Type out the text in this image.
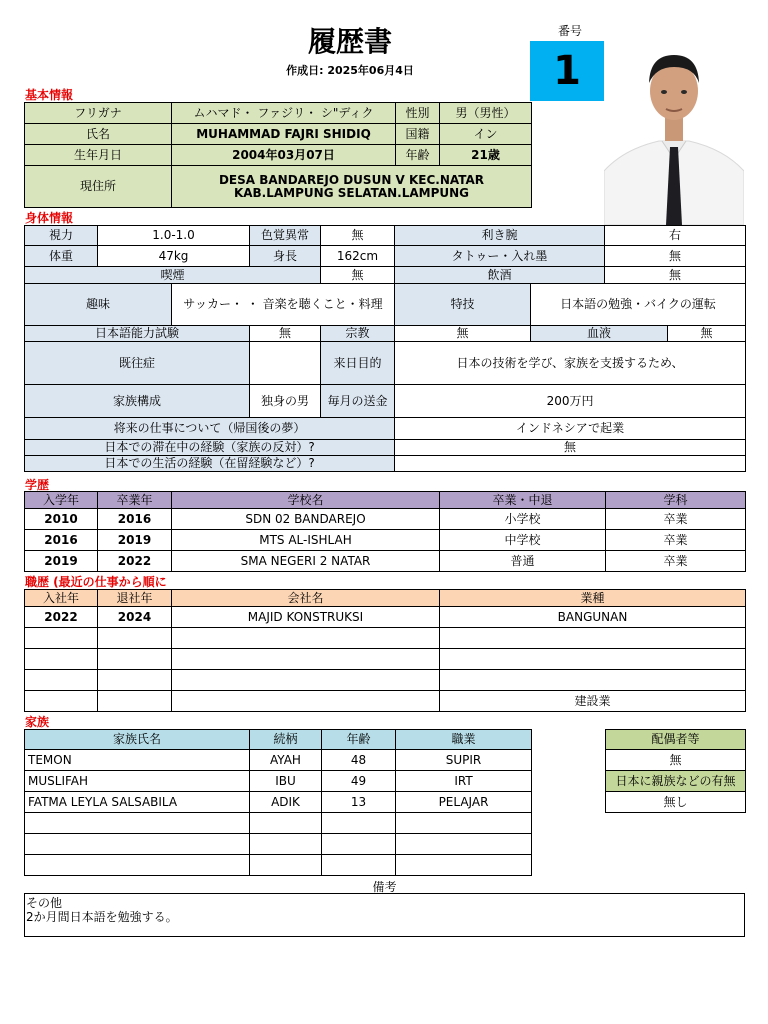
履歴書
作成日: 2025年06月4日
番号
1
基本情報
フリガナ	ムハマド・ ファジリ・ シ"ディク	性別	男（男性）
氏名	MUHAMMAD FAJRI SHIDIQ	国籍	イン
生年月日	2004年03月07日	年齢	21歳
現住所	DESA BANDAREJO DUSUN V KEC.NATAR KAB.LAMPUNG SELATAN.LAMPUNG		
身体情報
視力	1.0-1.0		色覚異常	無	利き腕		右	
体重	47kg		身長	162cm	タトゥー・入れ墨		無	
喫煙				無	飲酒		無	
趣味		サッカー・ ・ 音楽を聴くこと・料理			特技	日本語の勉強・バイクの運転		
日本語能力試験			無	宗教	無	血液		無
既往症				来日目的	日本の技術を学び、家族を支援するため、			
家族構成			独身の男	毎月の送金	200万円			
将来の仕事について（帰国後の夢）					インドネシアで起業			
日本での滞在中の経験（家族の反対）?					無			
日本での生活の経験（在留経験など）?								
学歴
入学年	卒業年	学校名	卒業・中退	学科
2010	2016	SDN 02 BANDAREJO	小学校	卒業
2016	2019	MTS AL-ISHLAH	中学校	卒業
2019	2022	SMA NEGERI 2 NATAR	普通	卒業
職歴 (最近の仕事から順に
入社年	退社年	会社名	業種
2022	2024	MAJID KONSTRUKSI	BANGUNAN

			建設業
家族
家族氏名	続柄	年齢	職業
TEMON	AYAH	48	SUPIR
MUSLIFAH	IBU	49	IRT
FATMA LEYLA SALSABILA	ADIK	13	PELAJAR

配偶者等
無
日本に親族などの有無
無し
備考
その他
2か月間日本語を勉強する。
